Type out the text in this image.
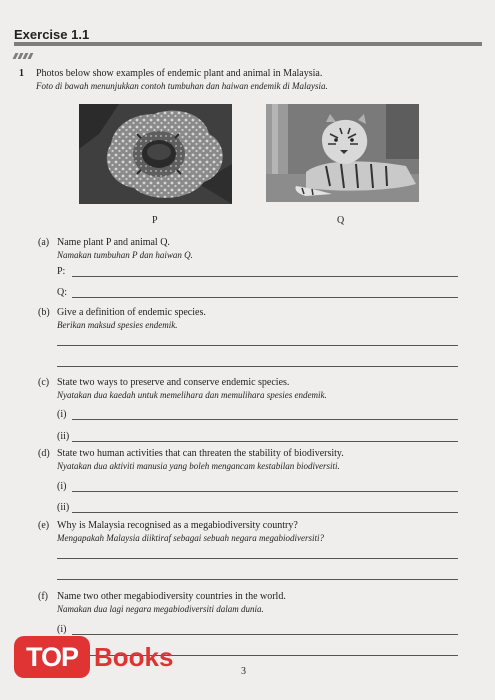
Exercise 1.1
1 Photos below show examples of endemic plant and animal in Malaysia.
Foto di bawah menunjukkan contoh tumbuhan dan haiwan endemik di Malaysia.
P	Q
(a) Name plant P and animal Q.
Namakan tumbuhan P dan haiwan Q.
P:
Q:
(b) Give a definition of endemic species.
Berikan maksud spesies endemik.
(c) State two ways to preserve and conserve endemic species.
Nyatakan dua kaedah untuk memelihara dan memulihara spesies endemik.
(i)
(ii)
(d) State two human activities that can threaten the stability of biodiversity.
Nyatakan dua aktiviti manusia yang boleh mengancam kestabilan biodiversiti.
(i)
(ii)
(e) Why is Malaysia recognised as a megabiodiversity country?
Mengapakah Malaysia diiktiraf sebagai sebuah negara megabiodiversiti?
(f) Name two other megabiodiversity countries in the world.
Namakan dua lagi negara megabiodiversiti dalam dunia.
(i)
3
TOP Books
